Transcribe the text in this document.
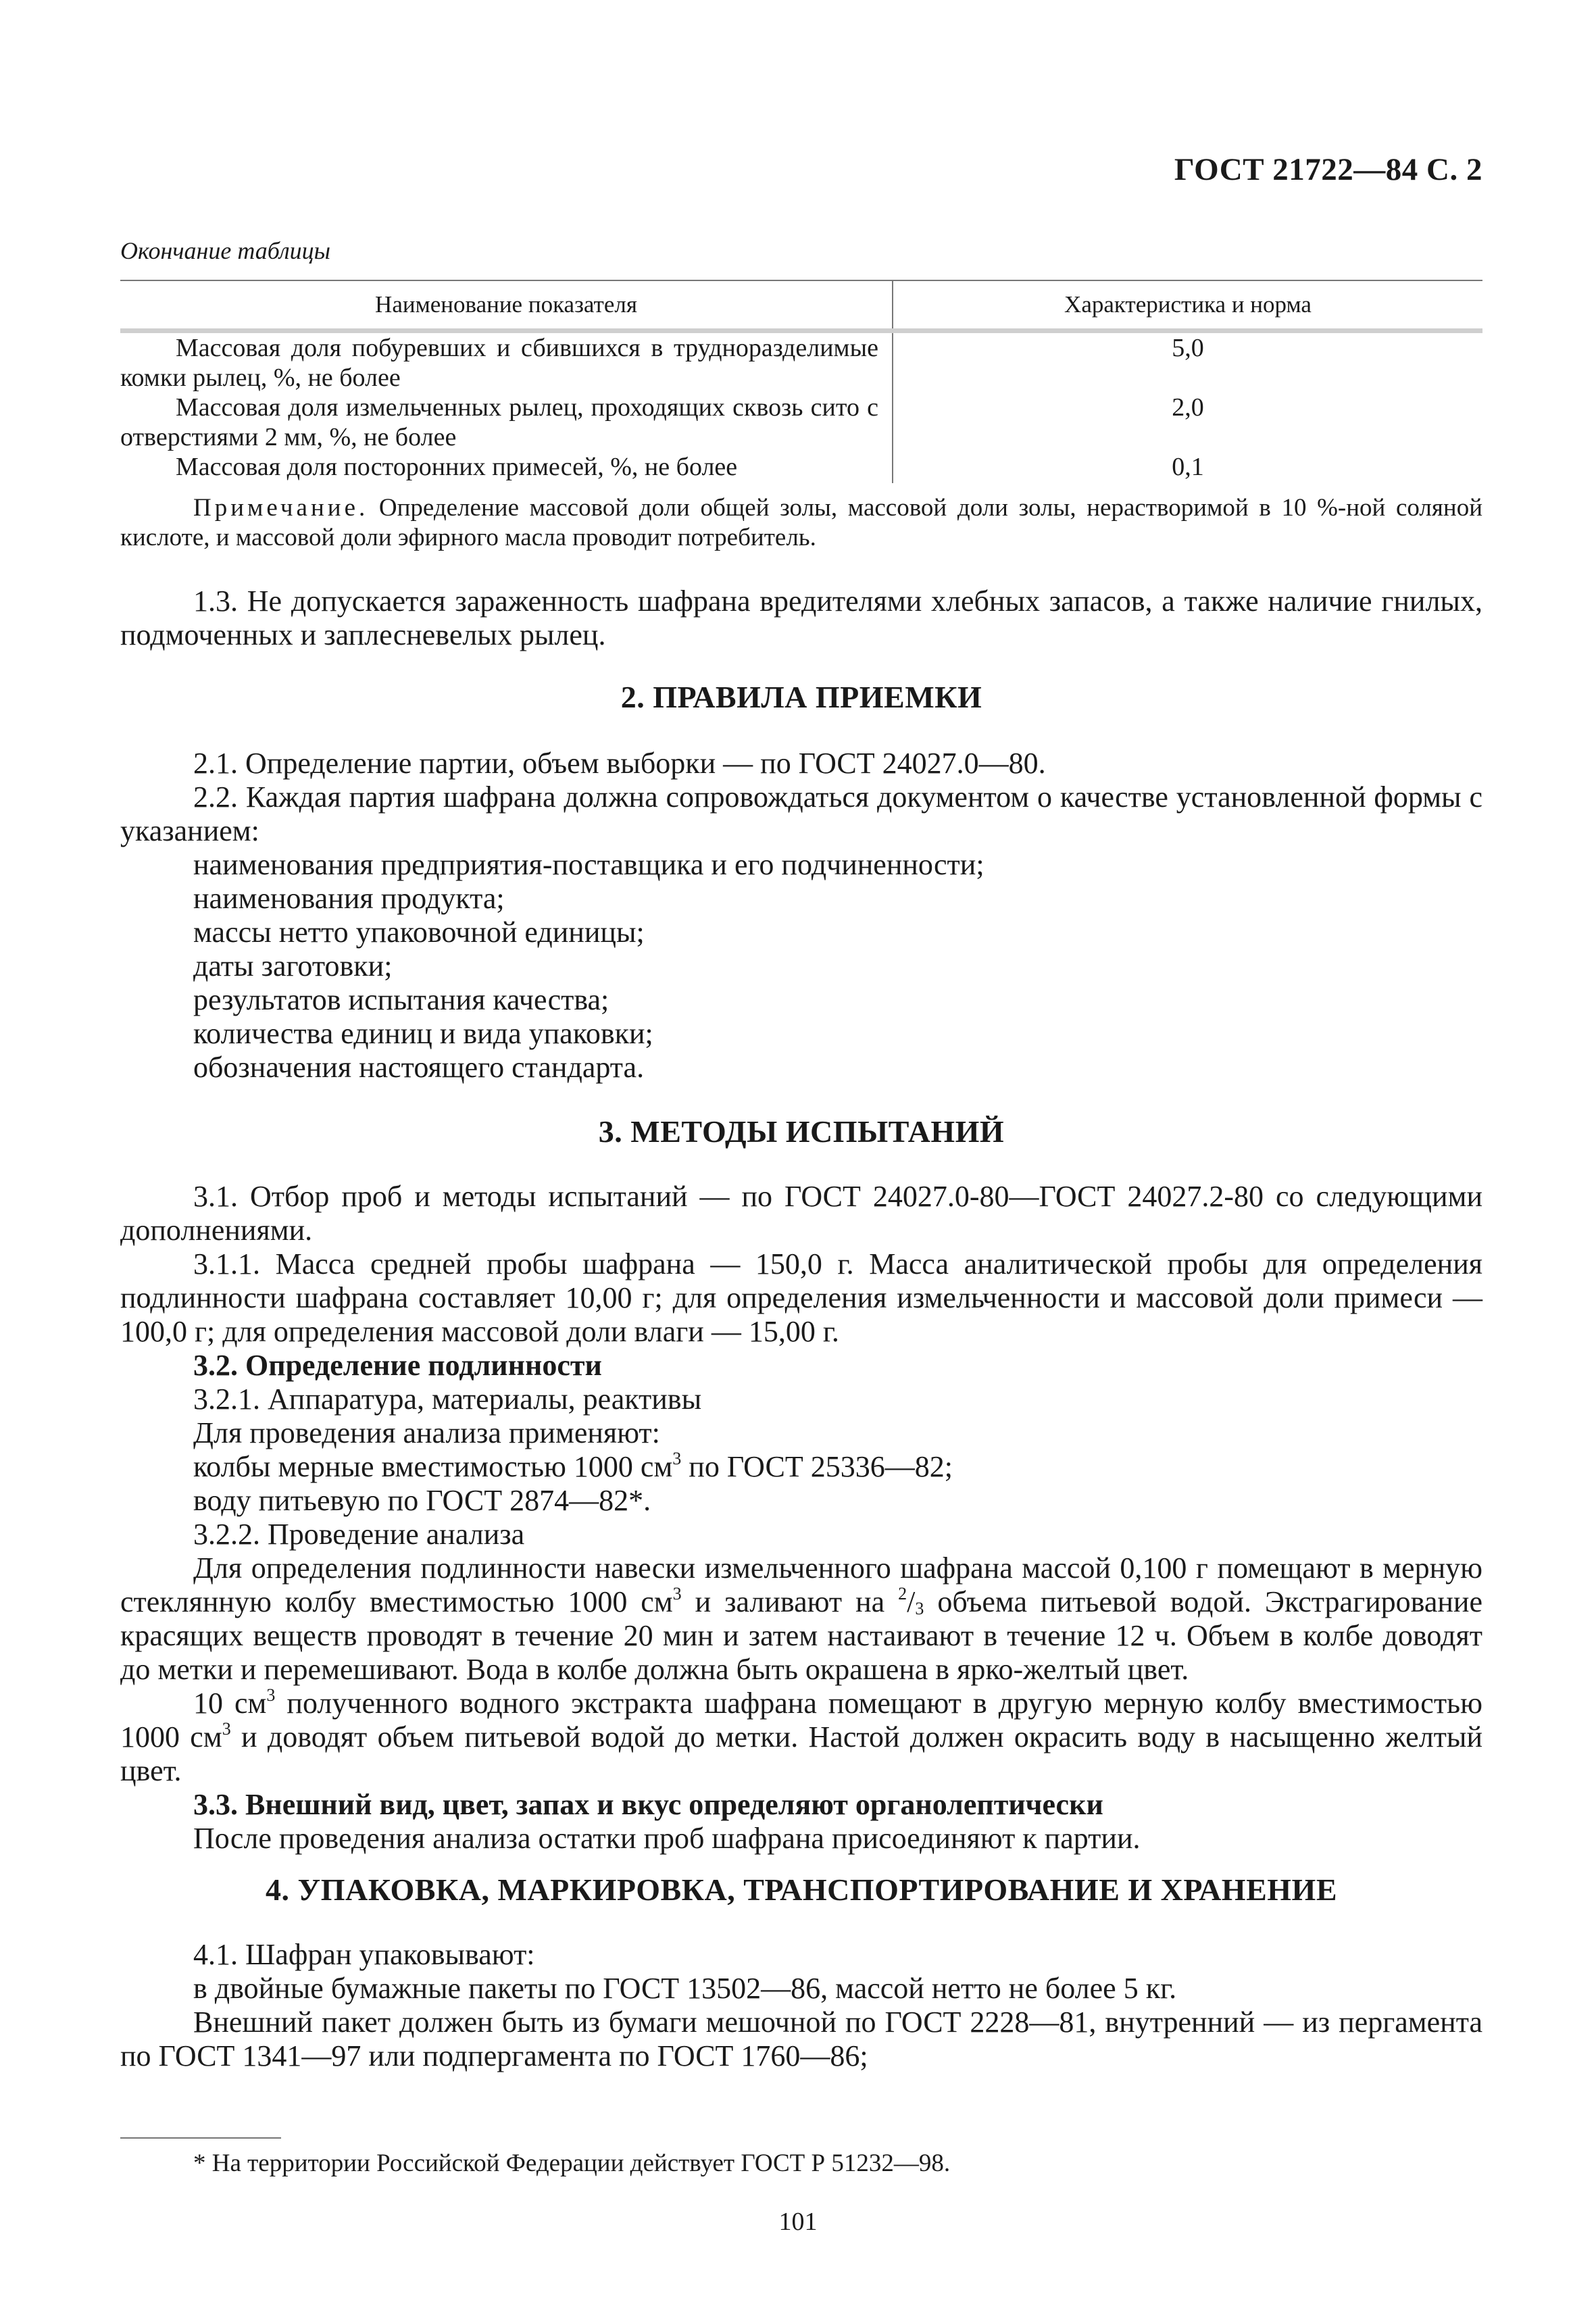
ГОСТ 21722—84 С. 2
Окончание таблицы
Наименование показателя	Характеристика и норма
Массовая доля побуревших и сбившихся в трудноразделимые комки рылец, %, не более
5,0
Массовая доля измельченных рылец, проходящих сквозь сито с отверстиями 2 мм, %, не более
2,0
Массовая доля посторонних примесей, %, не более	0,1
Примечание. Определение массовой доли общей золы, массовой доли золы, нерастворимой в 10 %-ной соляной кислоте, и массовой доли эфирного масла проводит потребитель.
1.3. Не допускается зараженность шафрана вредителями хлебных запасов, а также наличие гнилых, подмоченных и заплесневелых рылец.
2. ПРАВИЛА ПРИЕМКИ
2.1. Определение партии, объем выборки — по ГОСТ 24027.0—80.
2.2. Каждая партия шафрана должна сопровождаться документом о качестве установленной формы с указанием:
наименования предприятия-поставщика и его подчиненности;
наименования продукта;
массы нетто упаковочной единицы;
даты заготовки;
результатов испытания качества;
количества единиц и вида упаковки;
обозначения настоящего стандарта.
3. МЕТОДЫ ИСПЫТАНИЙ
3.1. Отбор проб и методы испытаний — по ГОСТ 24027.0-80—ГОСТ 24027.2-80 со следующими дополнениями.
3.1.1. Масса средней пробы шафрана — 150,0 г. Масса аналитической пробы для определения подлинности шафрана составляет 10,00 г; для определения измельченности и массовой доли примеси — 100,0 г; для определения массовой доли влаги — 15,00 г.
3.2. Определение подлинности
3.2.1. Аппаратура, материалы, реактивы
Для проведения анализа применяют:
колбы мерные вместимостью 1000 $см^3$ по ГОСТ 25336—82;
воду питьевую по ГОСТ 2874—82*.
3.2.2. Проведение анализа
Для определения подлинности навески измельченного шафрана массой 0,100 г помещают в мерную стеклянную колбу вместимостью 1000 $см^3$ и заливают на $^2/_3$ объема питьевой водой. Экстрагирование красящих веществ проводят в течение 20 мин и затем настаивают в течение 12 ч. Объем в колбе доводят до метки и перемешивают. Вода в колбе должна быть окрашена в ярко-желтый цвет.
10 $см^3$ полученного водного экстракта шафрана помещают в другую мерную колбу вместимостью 1000 $см^3$ и доводят объем питьевой водой до метки. Настой должен окрасить воду в насыщенно желтый цвет.
3.3. Внешний вид, цвет, запах и вкус определяют органолептически
После проведения анализа остатки проб шафрана присоединяют к партии.
4. УПАКОВКА, МАРКИРОВКА, ТРАНСПОРТИРОВАНИЕ И ХРАНЕНИЕ
4.1. Шафран упаковывают:
в двойные бумажные пакеты по ГОСТ 13502—86, массой нетто не более 5 кг.
Внешний пакет должен быть из бумаги мешочной по ГОСТ 2228—81, внутренний — из пергамента по ГОСТ 1341—97 или подпергамента по ГОСТ 1760—86;
* На территории Российской Федерации действует ГОСТ Р 51232—98.
101
